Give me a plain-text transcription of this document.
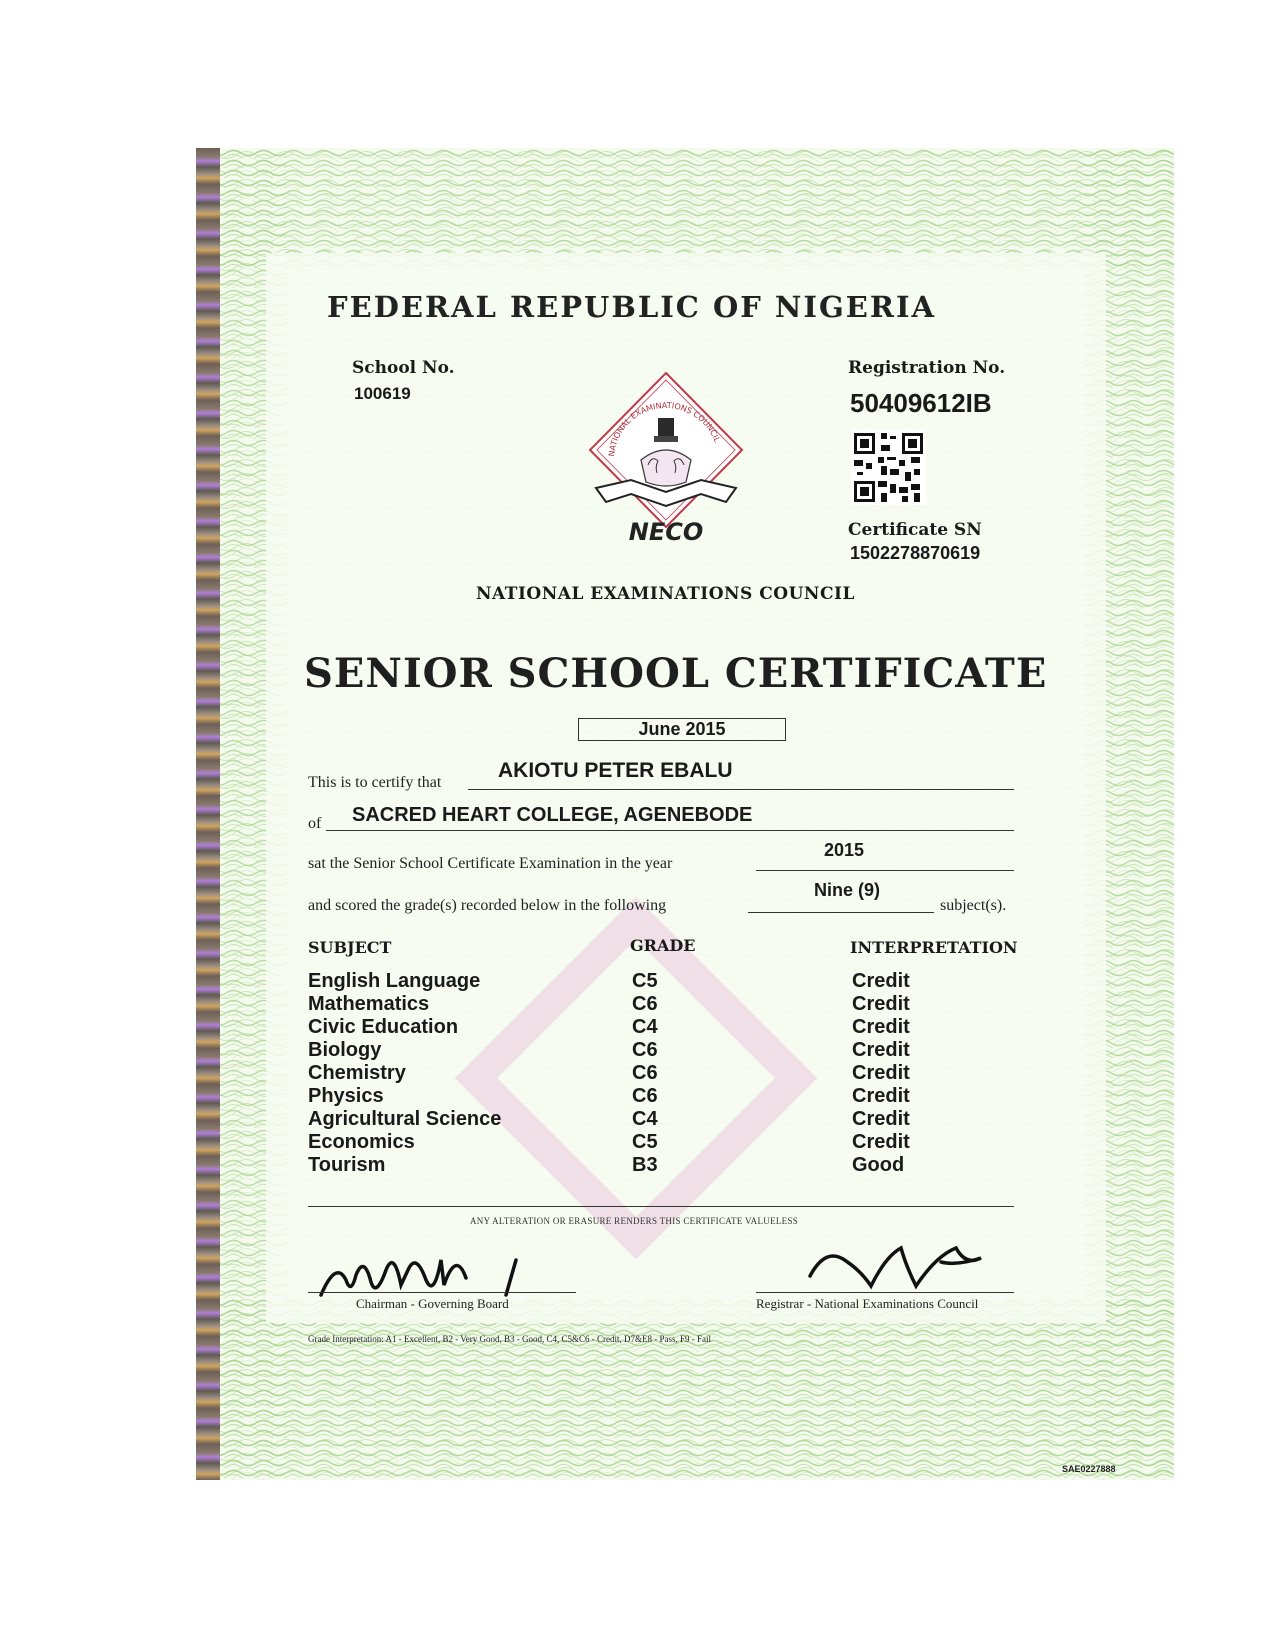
FEDERAL REPUBLIC OF NIGERIA
School No.
100619
Registration No.
50409612IB
Certificate SN
1502278870619
NATIONAL EXAMINATIONS COUNCIL
NECO
NATIONAL EXAMINATIONS COUNCIL
SENIOR SCHOOL CERTIFICATE
June 2015
This is to certify that
AKIOTU PETER EBALU
of SACRED HEART COLLEGE, AGENEBODE
sat the Senior School Certificate Examination in the year
2015
and scored the grade(s) recorded below in the following
Nine (9)
subject(s).
SUBJECT	GRADE	INTERPRETATION
English Language	C5	Credit
Mathematics	C6	Credit
Civic Education	C4	Credit
Biology	C6	Credit
Chemistry	C6	Credit
Physics	C6	Credit
Agricultural Science	C4	Credit
Economics	C5	Credit
Tourism	B3	Good
ANY ALTERATION OR ERASURE RENDERS THIS CERTIFICATE VALUELESS
Chairman - Governing Board	Registrar - National Examinations Council
Grade Interpretation: A1 - Excellent, B2 - Very Good, B3 - Good, C4, C5&C6 - Credit, D7&E8 - Pass, F9 - Fail
SAE0227888
